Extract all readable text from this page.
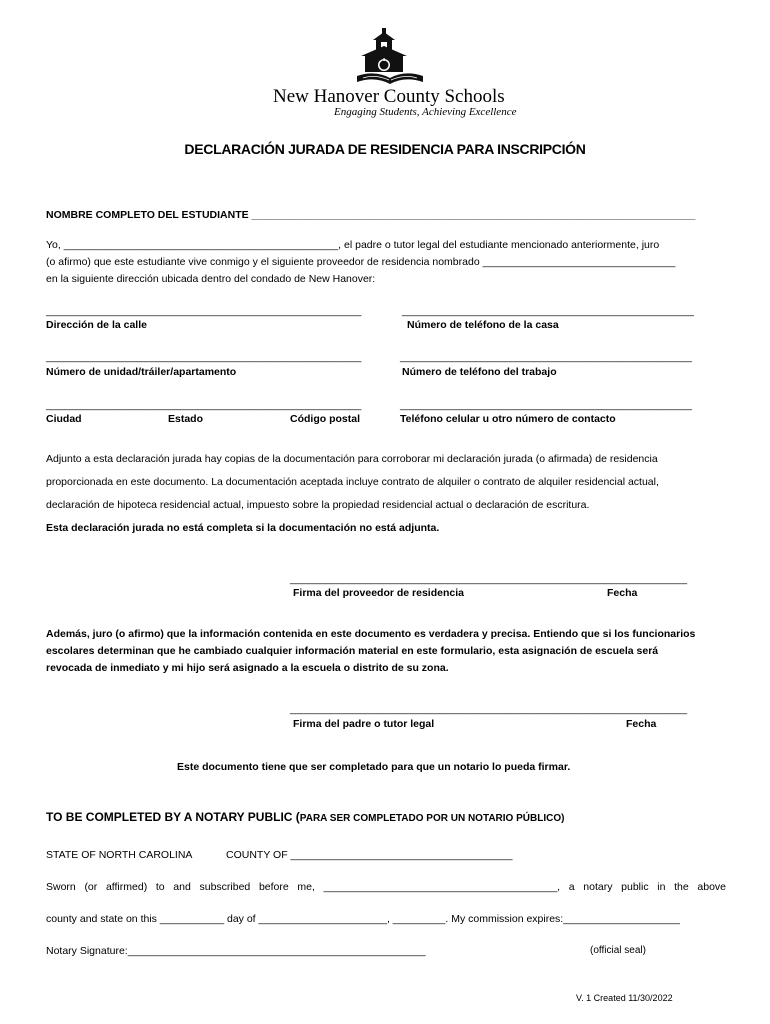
New Hanover County Schools
Engaging Students, Achieving Excellence
DECLARACIÓN JURADA DE RESIDENCIA PARA INSCRIPCIÓN
NOMBRE COMPLETO DEL ESTUDIANTE ____________________________________________________________________________

Yo, _______________________________________________, el padre o tutor legal del estudiante mencionado anteriormente, juro

(o afirmo) que este estudiante vive conmigo y el siguiente proveedor de residencia nombrado _________________________________

en la siguiente dirección ubicada dentro del condado de New Hanover:

______________________________________________________	__________________________________________________
Dirección de la calle	Número de teléfono de la casa
______________________________________________________	__________________________________________________
Número de unidad/tráiler/apartamento	Número de teléfono del trabajo
______________________________________________________	__________________________________________________
Ciudad	Estado	Código postal	Teléfono celular u otro número de contacto

Adjunto a esta declaración jurada hay copias de la documentación para corroborar mi declaración jurada (o afirmada) de residencia

proporcionada en este documento. La documentación aceptada incluye contrato de alquiler o contrato de alquiler residencial actual,

declaración de hipoteca residencial actual, impuesto sobre la propiedad residencial actual o declaración de escritura.

Esta declaración jurada no está completa si la documentación no está adjunta.

____________________________________________________________________
Firma del proveedor de residencia	Fecha

Además, juro (o afirmo) que la información contenida en este documento es verdadera y precisa. Entiendo que si los funcionarios

escolares determinan que he cambiado cualquier información material en este formulario, esta asignación de escuela será

revocada de inmediato y mi hijo será asignado a la escuela o distrito de su zona.

____________________________________________________________________
Firma del padre o tutor legal	Fecha
Este documento tiene que ser completado para que un notario lo pueda firmar.
TO BE COMPLETED BY A NOTARY PUBLIC (PARA SER COMPLETADO POR UN NOTARIO PÚBLICO)
STATE OF NORTH CAROLINA	COUNTY OF ______________________________________
Sworn (or affirmed) to and subscribed before me, ________________________________________, a notary public in the above
county and state on this ___________ day of ______________________, _________. My commission expires:____________________
Notary Signature:___________________________________________________	(official seal)
V. 1 Created 11/30/2022
